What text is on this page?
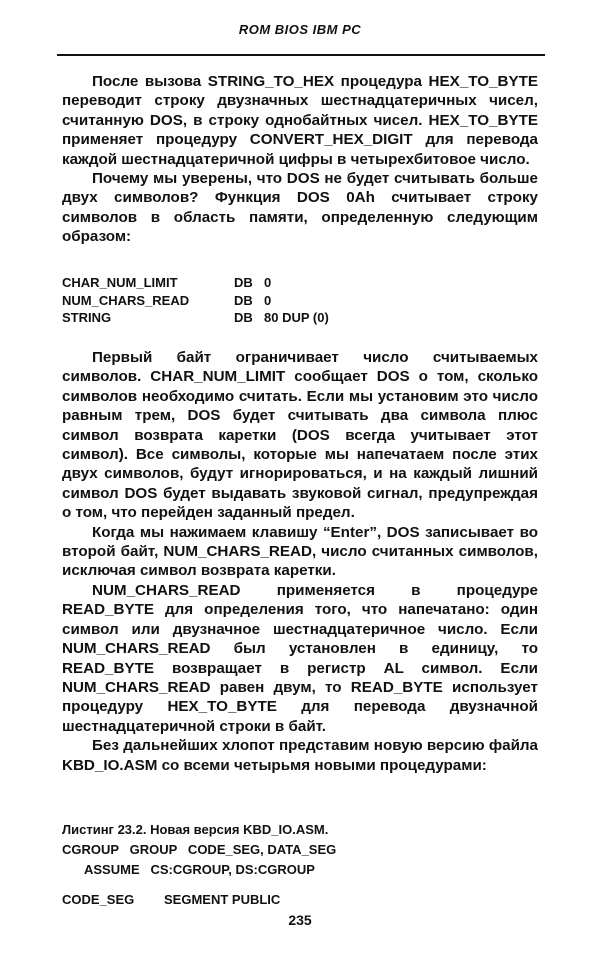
ROM BIOS IBM PC

После вызова STRING_TO_HEX процедура HEX_TO_BYTE переводит строку двузначных шестнадцатеричных чисел, считанную DOS, в строку однобайтных чисел. HEX_TO_BYTE применяет процедуру CONVERT_HEX_DIGIT для перевода каждой шестнадцатеричной цифры в четырехбитовое число.

Почему мы уверены, что DOS не будет считывать больше двух символов? Функция DOS 0Ah считывает строку символов в область памяти, определенную следующим образом:

CHAR_NUM_LIMIT	DB 0
NUM_CHARS_READ	DB 0
STRING	DB 80 DUP (0)

Первый байт ограничивает число считываемых символов. CHAR_NUM_LIMIT сообщает DOS о том, сколько символов необходимо считать. Если мы установим это число равным трем, DOS будет считывать два символа плюс символ возврата каретки (DOS всегда учитывает этот символ). Все символы, которые мы напечатаем после этих двух символов, будут игнорироваться, и на каждый лишний символ DOS будет выдавать звуковой сигнал, предупреждая о том, что перейден заданный предел.

Когда мы нажимаем клавишу “Enter”, DOS записывает во второй байт, NUM_CHARS_READ, число считанных символов, исключая символ возврата каретки.

NUM_CHARS_READ применяется в процедуре READ_BYTE для определения того, что напечатано: один символ или двузначное шестнадцатеричное число. Если NUM_CHARS_READ был установлен в единицу, то READ_BYTE возвращает в регистр AL символ. Если NUM_CHARS_READ равен двум, то READ_BYTE использует процедуру HEX_TO_BYTE для перевода двузначной шестнадцатеричной строки в байт.

Без дальнейших хлопот представим новую версию файла KBD_IO.ASM со всеми четырьмя новыми процедурами:

Листинг 23.2. Новая версия KBD_IO.ASM.
CGROUP   GROUP   CODE_SEG, DATA_SEG
ASSUME   CS:CGROUP, DS:CGROUP
CODE_SEG SEGMENT PUBLIC
235
